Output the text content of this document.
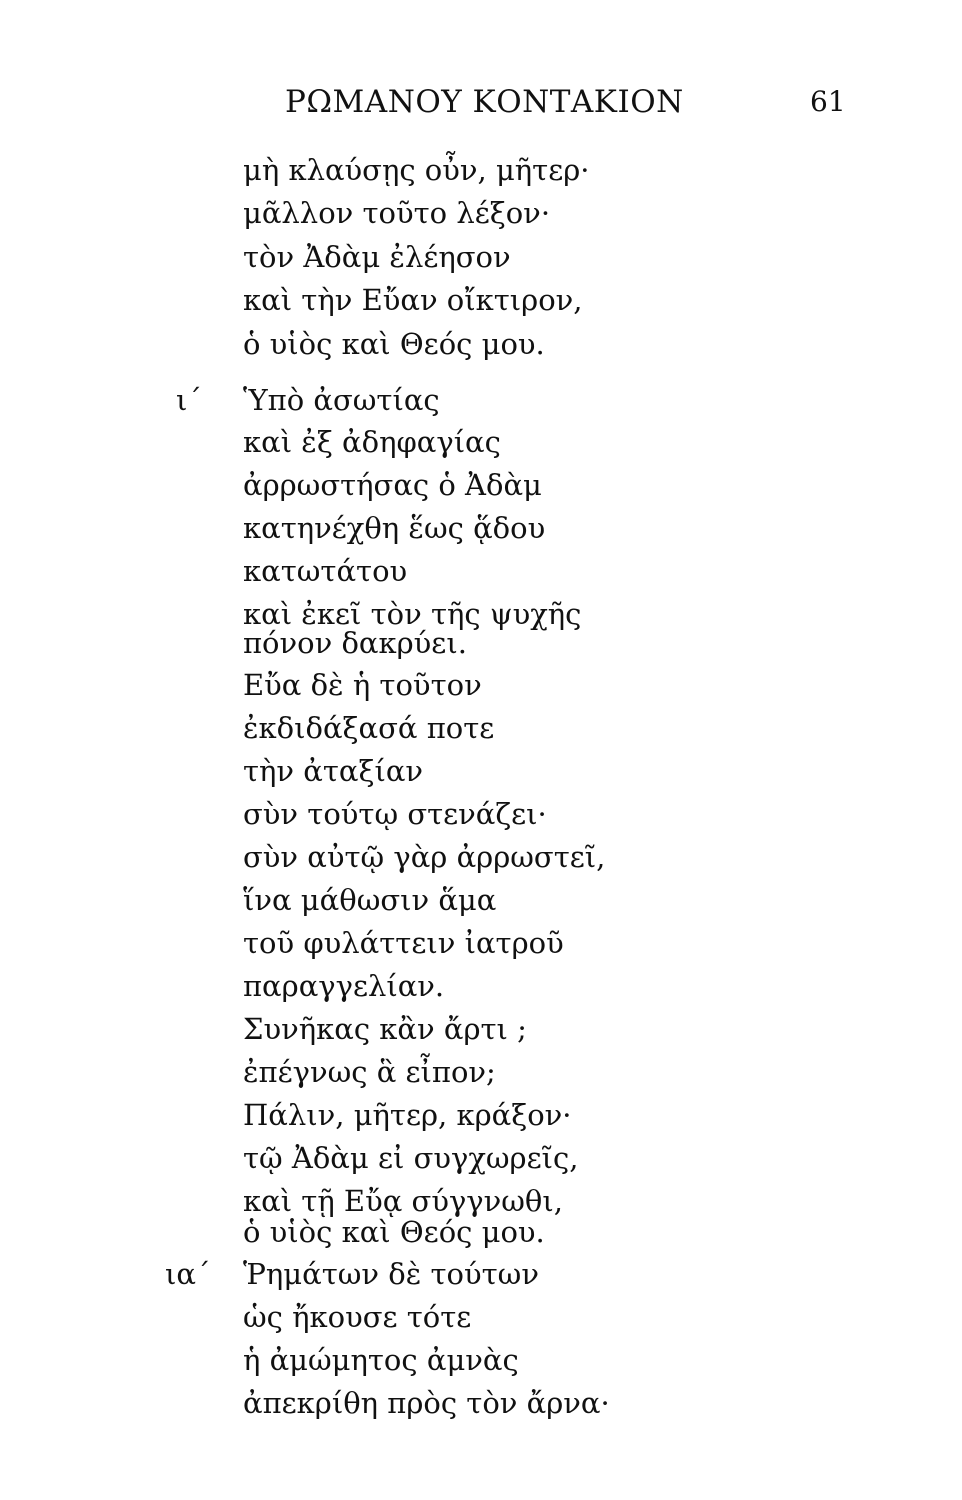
ΡΩΜΑΝΟΥ ΚΟΝΤΑΚΙΟΝ	61
ι΄
ια΄
μὴ κλαύσῃς οὖν, μῆτερ·
μᾶλλον τοῦτο λέξον·
τὸν Ἀδὰμ ἐλέησον
καὶ τὴν Εὔαν οἴκτιρον,
ὁ υἱὸς καὶ Θεός μου.
Ὑπὸ ἀσωτίας
καὶ ἐξ ἀδηφαγίας
ἀρρωστήσας ὁ Ἀδὰμ
κατηνέχθη ἕως ᾅδου
κατωτάτου
καὶ ἐκεῖ τὸν τῆς ψυχῆς
πόνον δακρύει.
Εὔα δὲ ἡ τοῦτον
ἐκδιδάξασά ποτε
τὴν ἀταξίαν
σὺν τούτῳ στενάζει·
σὺν αὐτῷ γὰρ ἀρρωστεῖ,
ἵνα μάθωσιν ἅμα
τοῦ φυλάττειν ἰατροῦ
παραγγελίαν.
Συνῆκας κἂν ἄρτι ;
ἐπέγνως ἃ εἶπον;
Πάλιν, μῆτερ, κράξον·
τῷ Ἀδὰμ εἰ συγχωρεῖς,
καὶ τῇ Εὔᾳ σύγγνωθι,
ὁ υἱὸς καὶ Θεός μου.
Ῥημάτων δὲ τούτων
ὡς ἤκουσε τότε
ἡ ἀμώμητος ἀμνὰς
ἀπεκρίθη πρὸς τὸν ἄρνα·
